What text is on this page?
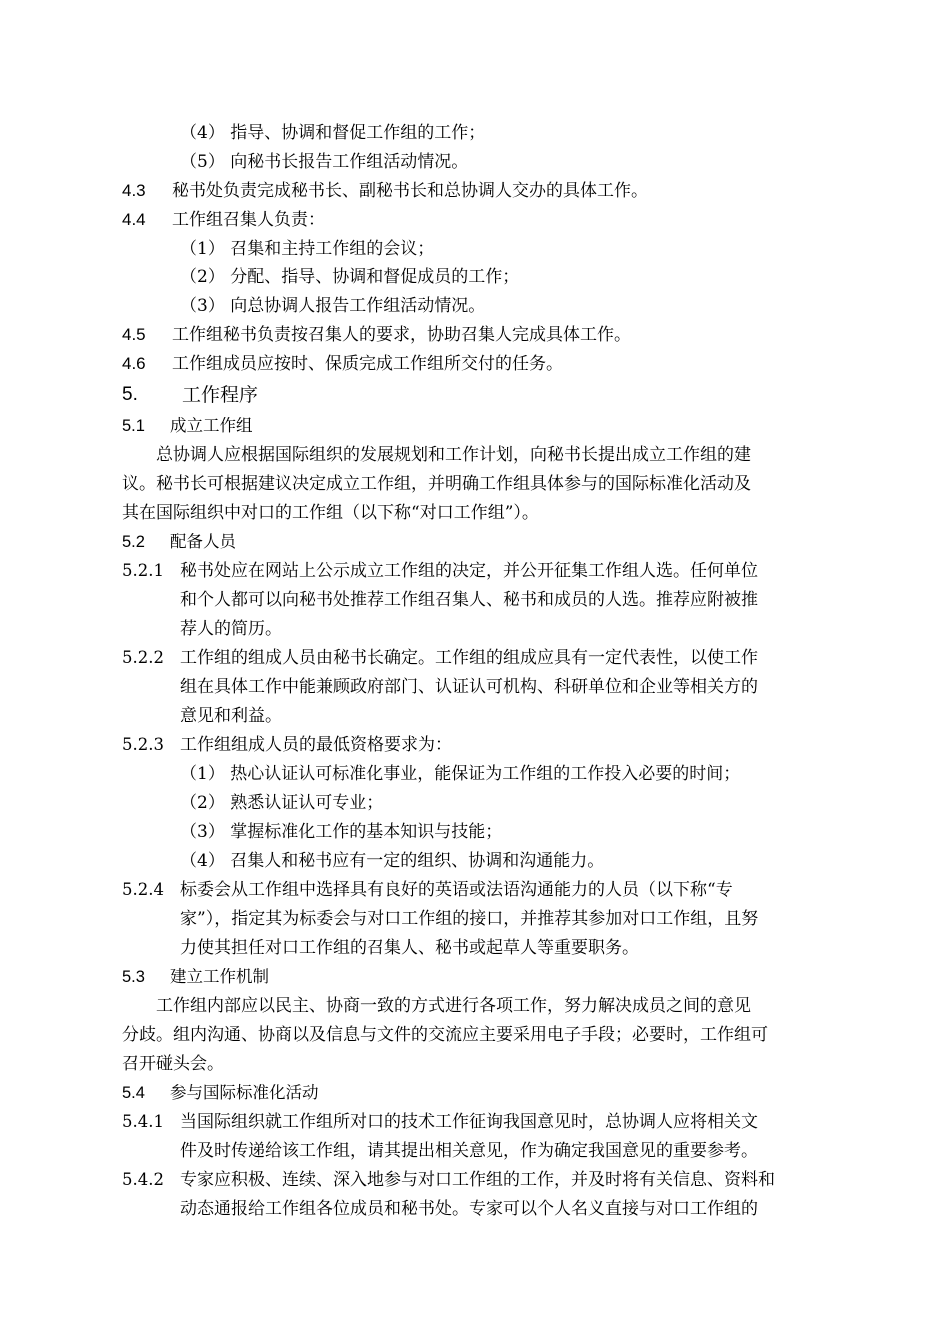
（4） 指导、协调和督促工作组的工作；
（5） 向秘书长报告工作组活动情况。
4.3 秘书处负责完成秘书长、副秘书长和总协调人交办的具体工作。
4.4 工作组召集人负责：
（1） 召集和主持工作组的会议；
（2） 分配、指导、协调和督促成员的工作；
（3） 向总协调人报告工作组活动情况。
4.5 工作组秘书负责按召集人的要求，协助召集人完成具体工作。
4.6 工作组成员应按时、保质完成工作组所交付的任务。
5. 工作程序
5.1 成立工作组
总协调人应根据国际组织的发展规划和工作计划，向秘书长提出成立工作组的建
议。秘书长可根据建议决定成立工作组，并明确工作组具体参与的国际标准化活动及
其在国际组织中对口的工作组（以下称“对口工作组”）。
5.2 配备人员
5.2.1 秘书处应在网站上公示成立工作组的决定，并公开征集工作组人选。任何单位
和个人都可以向秘书处推荐工作组召集人、秘书和成员的人选。推荐应附被推
荐人的简历。
5.2.2 工作组的组成人员由秘书长确定。工作组的组成应具有一定代表性，以使工作
组在具体工作中能兼顾政府部门、认证认可机构、科研单位和企业等相关方的
意见和利益。
5.2.3 工作组组成人员的最低资格要求为：
（1） 热心认证认可标准化事业，能保证为工作组的工作投入必要的时间；
（2） 熟悉认证认可专业；
（3） 掌握标准化工作的基本知识与技能；
（4） 召集人和秘书应有一定的组织、协调和沟通能力。
5.2.4 标委会从工作组中选择具有良好的英语或法语沟通能力的人员（以下称“专
家”），指定其为标委会与对口工作组的接口，并推荐其参加对口工作组，且努
力使其担任对口工作组的召集人、秘书或起草人等重要职务。
5.3 建立工作机制
工作组内部应以民主、协商一致的方式进行各项工作，努力解决成员之间的意见
分歧。组内沟通、协商以及信息与文件的交流应主要采用电子手段；必要时，工作组可
召开碰头会。
5.4 参与国际标准化活动
5.4.1 当国际组织就工作组所对口的技术工作征询我国意见时，总协调人应将相关文
件及时传递给该工作组，请其提出相关意见，作为确定我国意见的重要参考。
5.4.2 专家应积极、连续、深入地参与对口工作组的工作，并及时将有关信息、资料和
动态通报给工作组各位成员和秘书处。专家可以个人名义直接与对口工作组的
